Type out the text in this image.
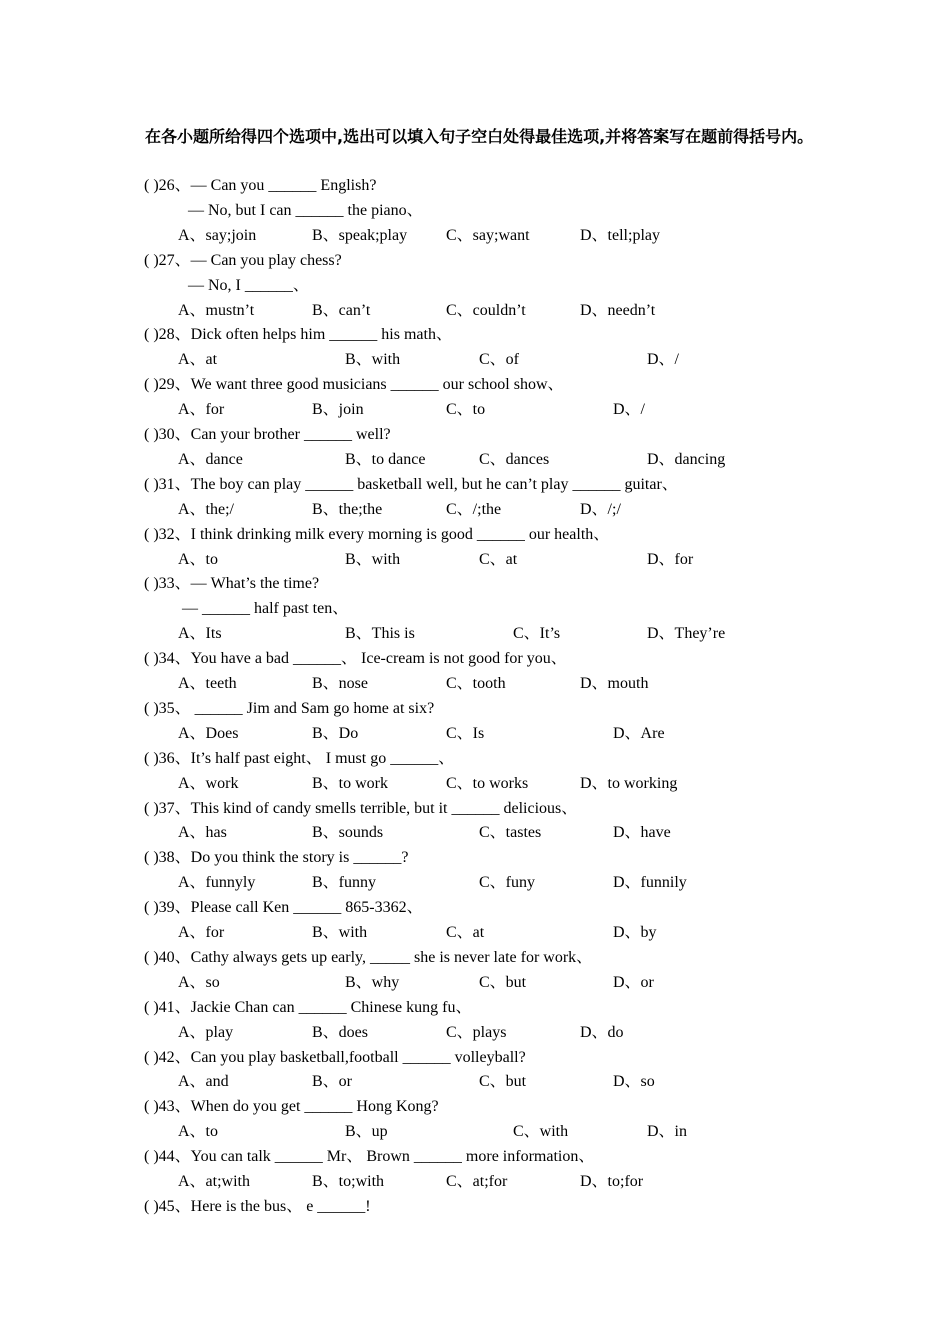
在各小题所给得四个选项中,选出可以填入句子空白处得最佳选项,并将答案写在题前得括号内。
( )26、— Can you ______ English?
— No, but I can ______ the piano、
A、say;join	B、speak;play C、say;want	D、tell;play
( )27、— Can you play chess?
— No, I ______、
A、mustn’t	B、can’t	C、couldn’t	D、needn’t
( )28、Dick often helps him ______ his math、
A、at	B、with	C、of	D、/
( )29、We want three good musicians ______ our school show、
A、for	B、join	C、to	D、/
( )30、Can your brother ______ well?
A、dance	B、to dance	C、dances	D、dancing
( )31、The boy can play ______ basketball well, but he can’t play ______ guitar、
A、the;/	B、the;the	C、/;the	D、/;/
( )32、I think drinking milk every morning is good ______ our health、
A、to	B、with	C、at	D、for
( )33、— What’s the time?
— ______ half past ten、
A、Its	B、This is	C、It’s	D、They’re
( )34、You have a bad ______、 Ice-cream is not good for you、
A、teeth	B、nose	C、tooth	D、mouth
( )35、 ______ Jim and Sam go home at six?
A、Does	B、Do	C、Is	D、Are
( )36、It’s half past eight、 I must go ______、
A、work	B、to work	C、to works	D、to working
( )37、This kind of candy smells terrible, but it ______ delicious、
A、has	B、sounds	C、tastes	D、have
( )38、Do you think the story is ______?
A、funnyly	B、funny	C、funy	D、funnily
( )39、Please call Ken ______ 865-3362、
A、for	B、with	C、at	D、by
( )40、Cathy always gets up early, _____ she is never late for work、
A、so	B、why	C、but	D、or
( )41、Jackie Chan can ______ Chinese kung fu、
A、play	B、does	C、plays	D、do
( )42、Can you play basketball,football ______ volleyball?
A、and	B、or	C、but	D、so
( )43、When do you get ______ Hong Kong?
A、to	B、up	C、with	D、in
( )44、You can talk ______ Mr、 Brown ______ more information、
A、at;with	B、to;with	C、at;for	D、to;for
( )45、Here is the bus、 e ______!
